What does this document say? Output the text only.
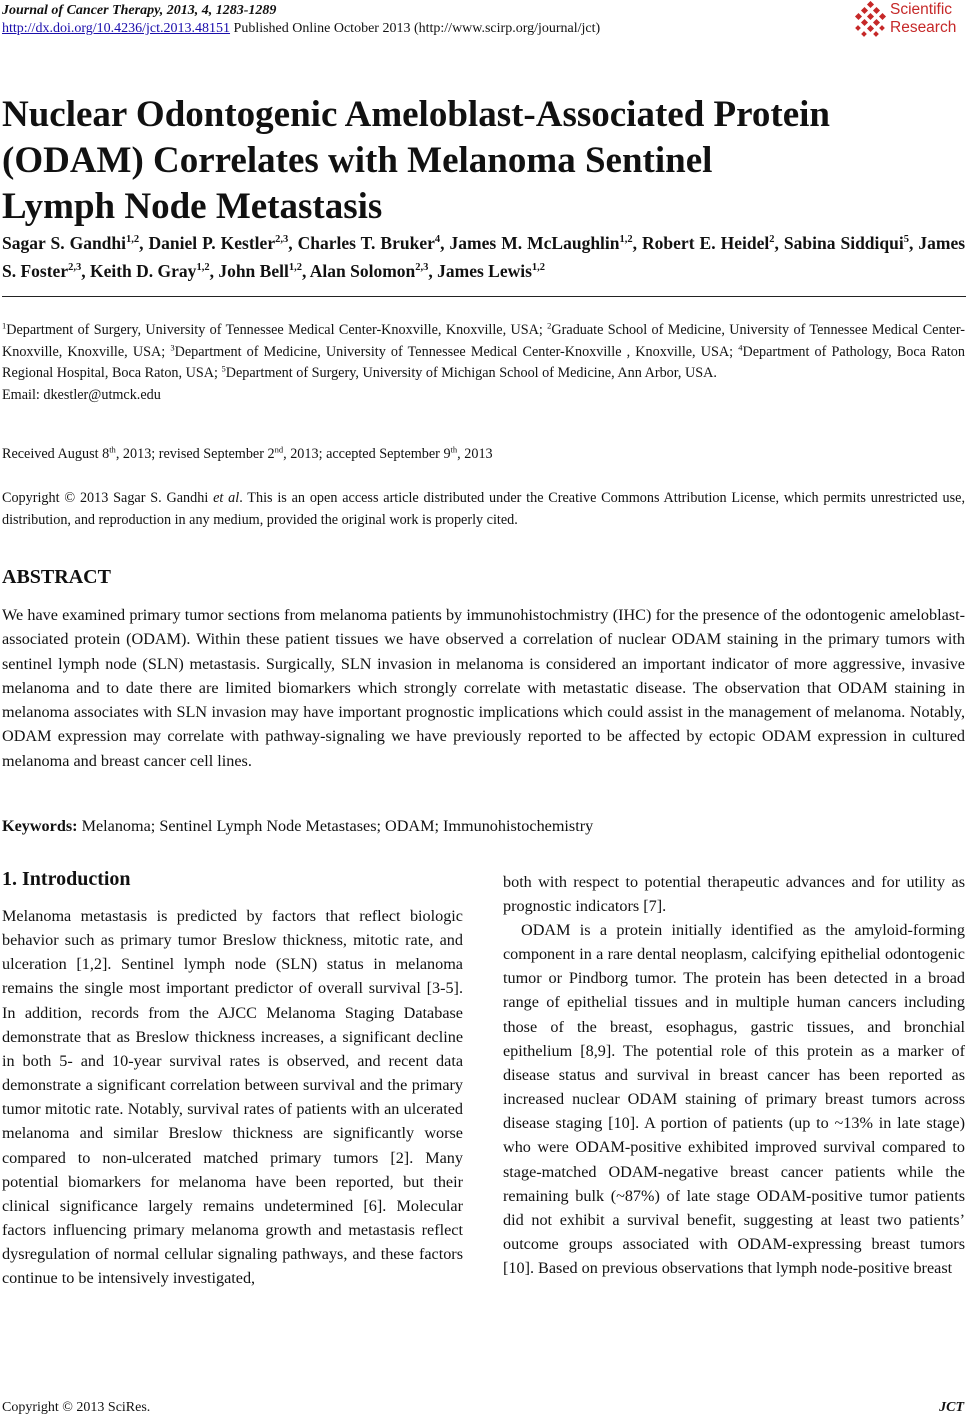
Journal of Cancer Therapy, 2013, 4, 1283-1289
http://dx.doi.org/10.4236/jct.2013.48151 Published Online October 2013 (http://www.scirp.org/journal/jct)
Scientific
Research
Nuclear Odontogenic Ameloblast-Associated Protein
(ODAM) Correlates with Melanoma Sentinel
Lymph Node Metastasis
Sagar S. Gandhi$^{1,2}$, Daniel P. Kestler$^{2,3}$, Charles T. Bruker$^4$, James M. McLaughlin$^{1,2}$, Robert E. Heidel$^2$, Sabina Siddiqui$^5$, James S. Foster$^{2,3}$, Keith D. Gray$^{1,2}$, John Bell$^{1,2}$, Alan Solomon$^{2,3}$, James Lewis$^{1,2}$
$^1$Department of Surgery, University of Tennessee Medical Center-Knoxville, Knoxville, USA; $^2$Graduate School of Medicine, University of Tennessee Medical Center-Knoxville, Knoxville, USA; $^3$Department of Medicine, University of Tennessee Medical Center-Knoxville , Knoxville, USA; $^4$Department of Pathology, Boca Raton Regional Hospital, Boca Raton, USA; $^5$Department of Surgery, University of Michigan School of Medicine, Ann Arbor, USA.
Email: dkestler@utmck.edu
Received August 8th, 2013; revised September 2nd, 2013; accepted September 9th, 2013
Copyright © 2013 Sagar S. Gandhi et al. This is an open access article distributed under the Creative Commons Attribution License, which permits unrestricted use, distribution, and reproduction in any medium, provided the original work is properly cited.
ABSTRACT
We have examined primary tumor sections from melanoma patients by immunohistochmistry (IHC) for the presence of the odontogenic ameloblast-associated protein (ODAM). Within these patient tissues we have observed a correlation of nuclear ODAM staining in the primary tumors with sentinel lymph node (SLN) metastasis. Surgically, SLN invasion in melanoma is considered an important indicator of more aggressive, invasive melanoma and to date there are limited biomarkers which strongly correlate with metastatic disease. The observation that ODAM staining in melanoma associates with SLN invasion may have important prognostic implications which could assist in the management of melanoma. Notably, ODAM expression may correlate with pathway-signaling we have previously reported to be affected by ectopic ODAM expression in cultured melanoma and breast cancer cell lines.
Keywords: Melanoma; Sentinel Lymph Node Metastases; ODAM; Immunohistochemistry
1. Introduction
Melanoma metastasis is predicted by factors that reflect biologic behavior such as primary tumor Breslow thickness, mitotic rate, and ulceration [1,2]. Sentinel lymph node (SLN) status in melanoma remains the single most important predictor of overall survival [3-5]. In addition, records from the AJCC Melanoma Staging Database demonstrate that as Breslow thickness increases, a significant decline in both 5- and 10-year survival rates is observed, and recent data demonstrate a significant correlation between survival and the primary tumor mitotic rate. Notably, survival rates of patients with an ulcerated melanoma and similar Breslow thickness are significantly worse compared to non-ulcerated matched primary tumors [2]. Many potential biomarkers for melanoma have been reported, but their clinical significance largely remains undetermined [6]. Molecular factors influencing primary melanoma growth and metastasis reflect dysregulation of normal cellular signaling pathways, and these factors continue to be intensively investigated,
both with respect to potential therapeutic advances and for utility as prognostic indicators [7].
ODAM is a protein initially identified as the amyloid-forming component in a rare dental neoplasm, calcifying epithelial odontogenic tumor or Pindborg tumor. The protein has been detected in a broad range of epithelial tissues and in multiple human cancers including those of the breast, esophagus, gastric tissues, and bronchial epithelium [8,9]. The potential role of this protein as a marker of disease status and survival in breast cancer has been reported as increased nuclear ODAM staining of primary breast tumors across disease staging [10]. A portion of patients (up to ~13% in late stage) who were ODAM-positive exhibited improved survival compared to stage-matched ODAM-negative breast cancer patients while the remaining bulk (~87%) of late stage ODAM-positive tumor patients did not exhibit a survival benefit, suggesting at least two patients’ outcome groups associated with ODAM-expressing breast tumors [10]. Based on previous observations that lymph node-positive breast
Copyright © 2013 SciRes.	JCT
